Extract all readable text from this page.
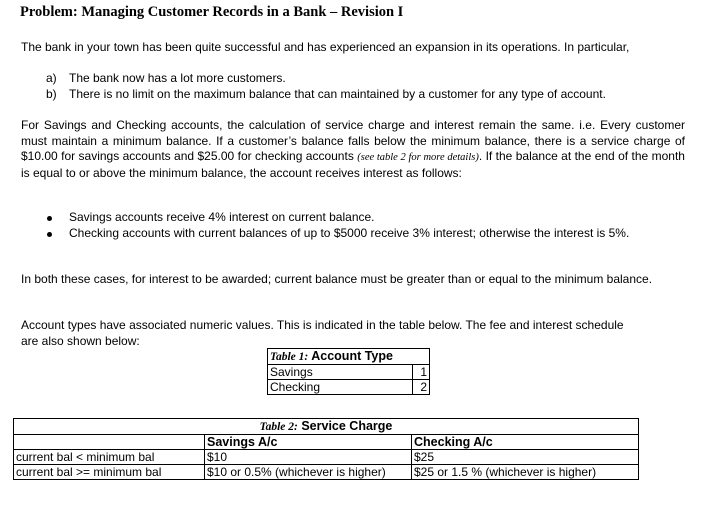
Problem: Managing Customer Records in a Bank – Revision I

The bank in your town has been quite successful and has experienced an expansion in its operations. In particular,

a) The bank now has a lot more customers.
b) There is no limit on the maximum balance that can maintained by a customer for any type of account.

For Savings and Checking accounts, the calculation of service charge and interest remain the same. i.e. Every customer must maintain a minimum balance. If a customer’s balance falls below the minimum balance, there is a service charge of $10.00 for savings accounts and $25.00 for checking accounts (see table 2 for more details). If the balance at the end of the month is equal to or above the minimum balance, the account receives interest as follows:

Savings accounts receive 4% interest on current balance.
Checking accounts with current balances of up to $5000 receive 3% interest; otherwise the interest is 5%.

In both these cases, for interest to be awarded; current balance must be greater than or equal to the minimum balance.

Account types have associated numeric values. This is indicated in the table below. The fee and interest schedule are also shown below:

Table 1: Account Type	
Savings	1
Checking	2
Table 2: Service Charge		
	Savings A/c	Checking A/c
current bal < minimum bal	$10	$25
current bal >= minimum bal	$10 or 0.5% (whichever is higher)	$25 or 1.5 % (whichever is higher)
